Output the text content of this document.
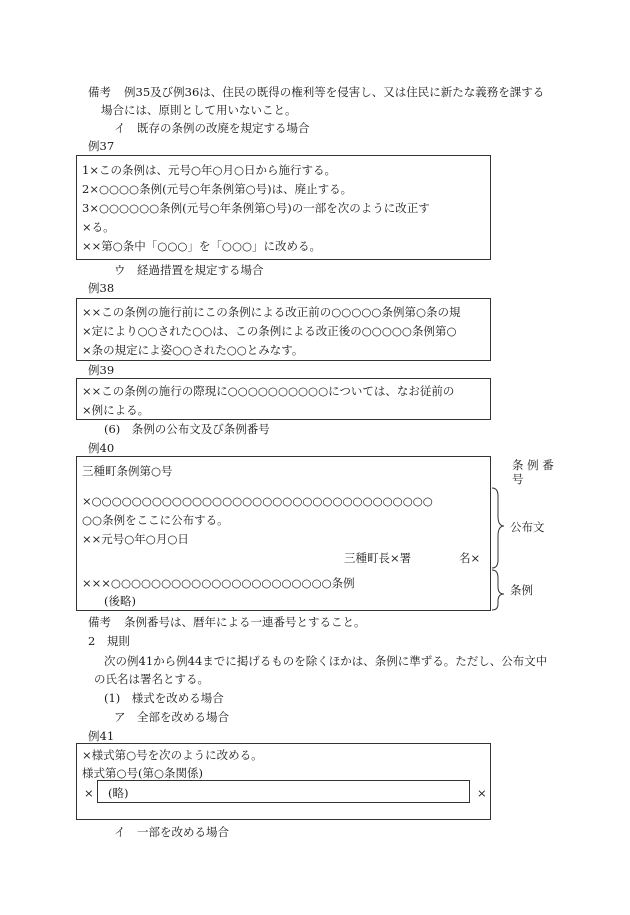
備考 例35及び例36は、住民の既得の権利等を侵害し、又は住民に新たな義務を課する
場合には、原則として用いないこと。
イ　既存の条例の改廃を規定する場合
例37
1×この条例は、元号○年○月○日から施行する。
2×○○○○条例(元号○年条例第○号)は、廃止する。
3×○○○○○○条例(元号○年条例第○号)の一部を次のように改正す
×る。
××第○条中「○○○」を「○○○」に改める。
ウ　経過措置を規定する場合
例38
××この条例の施行前にこの条例による改正前の○○○○○条例第○条の規
×定により○○された○○は、この条例による改正後の○○○○○条例第○
×条の規定によ姿○○された○○とみなす。
例39
××この条例の施行の際現に○○○○○○○○○○については、なお従前の
×例による。
(6)　条例の公布文及び条例番号
例40
三種町条例第○号
×○○○○○○○○○○○○○○○○○○○○○○○○○○○○○○○○○○
○○条例をここに公布する。
××元号○年○月○日
三種町長×署	名×
×××○○○○○○○○○○○○○○○○○○○○○○条例
(後略)
条 例 番
号
公布文
条例
備考 条例番号は、暦年による一連番号とすること。
2　規則
次の例41から例44までに掲げるものを除くほかは、条例に準ずる。ただし、公布文中
の氏名は署名とする。
(1)　様式を改める場合
ア　全部を改める場合
例41
×様式第○号を次のように改める。
様式第○号(第○条関係)
× (略)	×
イ　一部を改める場合
